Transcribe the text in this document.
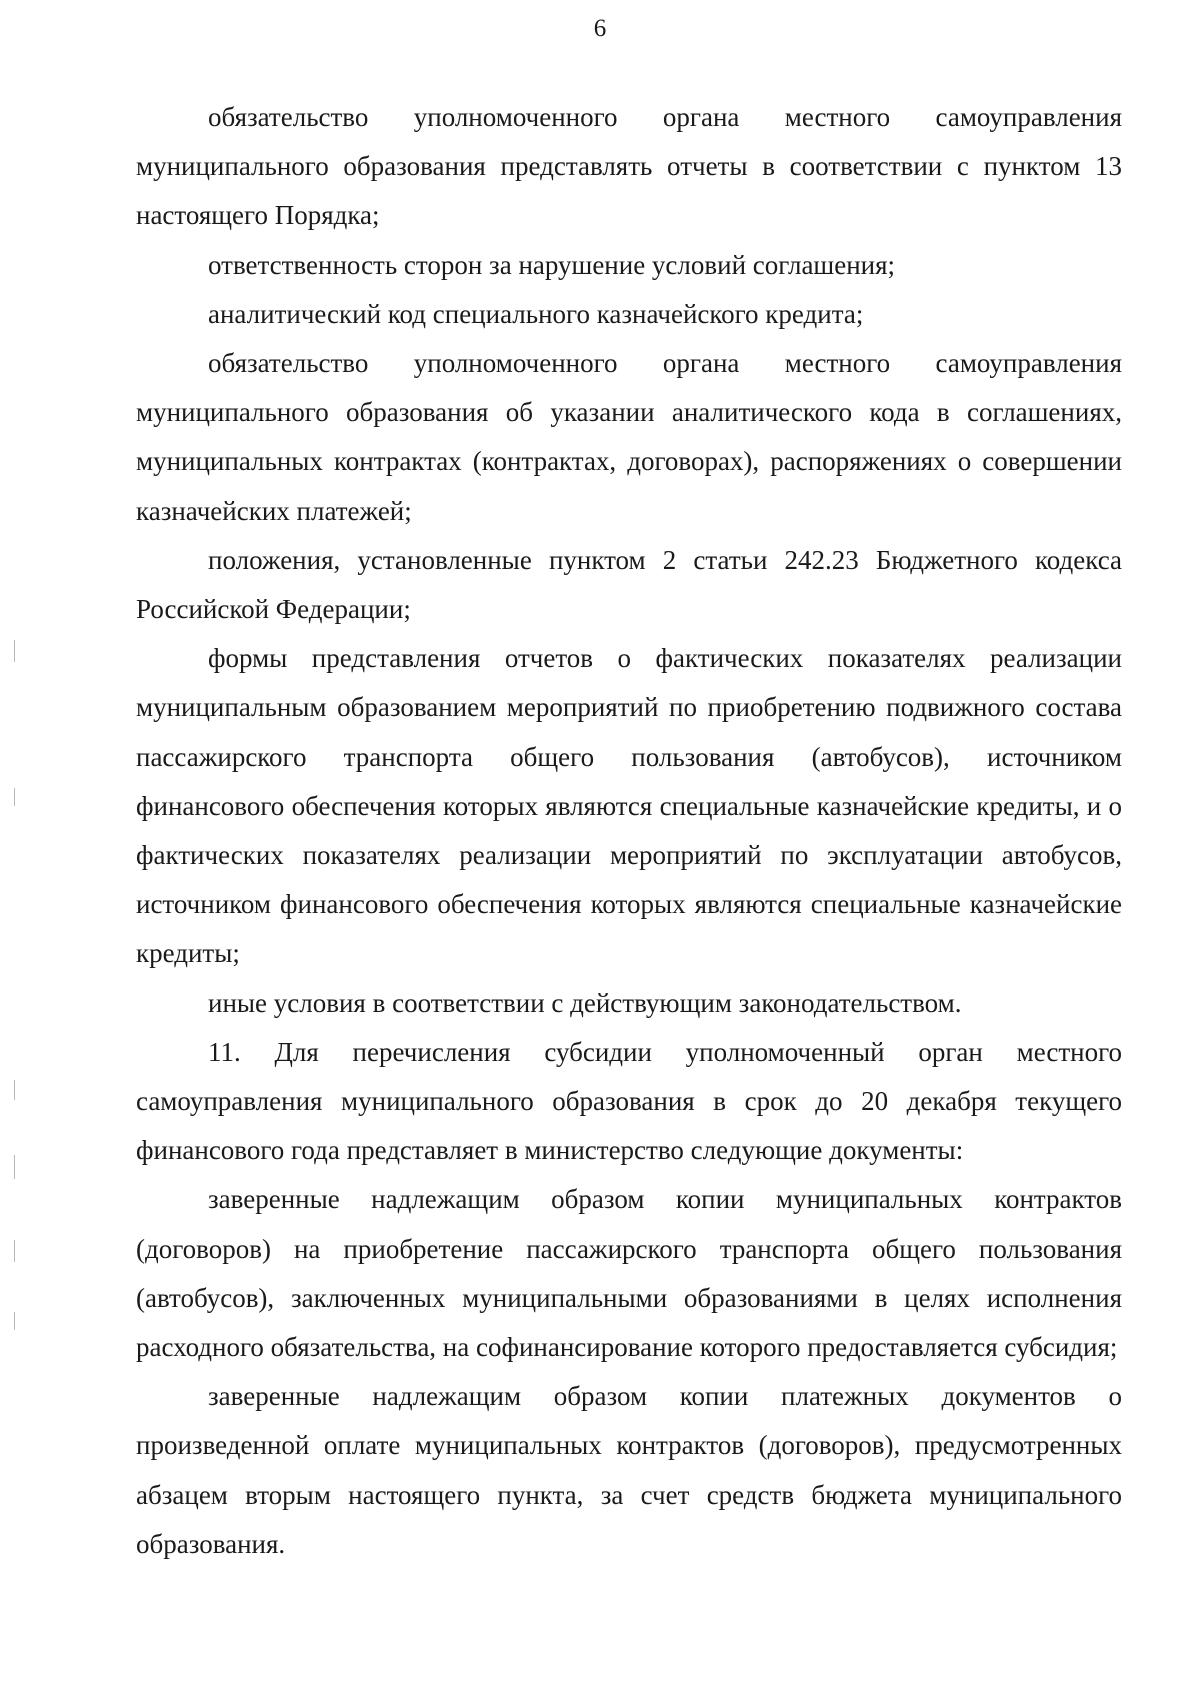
6

обязательство уполномоченного органа местного самоуправления муниципального образования представлять отчеты в соответствии с пунктом 13 настоящего Порядка;

ответственность сторон за нарушение условий соглашения;

аналитический код специального казначейского кредита;

обязательство уполномоченного органа местного самоуправления муниципального образования об указании аналитического кода в соглашениях, муниципальных контрактах (контрактах, договорах), распоряжениях о совершении казначейских платежей;

положения, установленные пунктом 2 статьи 242.23 Бюджетного кодекса Российской Федерации;

формы представления отчетов о фактических показателях реализации муниципальным образованием мероприятий по приобретению подвижного состава пассажирского транспорта общего пользования (автобусов), источником финансового обеспечения которых являются специальные казначейские кредиты, и о фактических показателях реализации мероприятий по эксплуатации автобусов, источником финансового обеспечения которых являются специальные казначейские кредиты;

иные условия в соответствии с действующим законодательством.

11. Для перечисления субсидии уполномоченный орган местного самоуправления муниципального образования в срок до 20 декабря текущего финансового года представляет в министерство следующие документы:

заверенные надлежащим образом копии муниципальных контрактов (договоров) на приобретение пассажирского транспорта общего пользования (автобусов), заключенных муниципальными образованиями в целях исполнения расходного обязательства, на софинансирование которого предоставляется субсидия;

заверенные надлежащим образом копии платежных документов о произведенной оплате муниципальных контрактов (договоров), предусмотренных абзацем вторым настоящего пункта, за счет средств бюджета муниципального образования.
